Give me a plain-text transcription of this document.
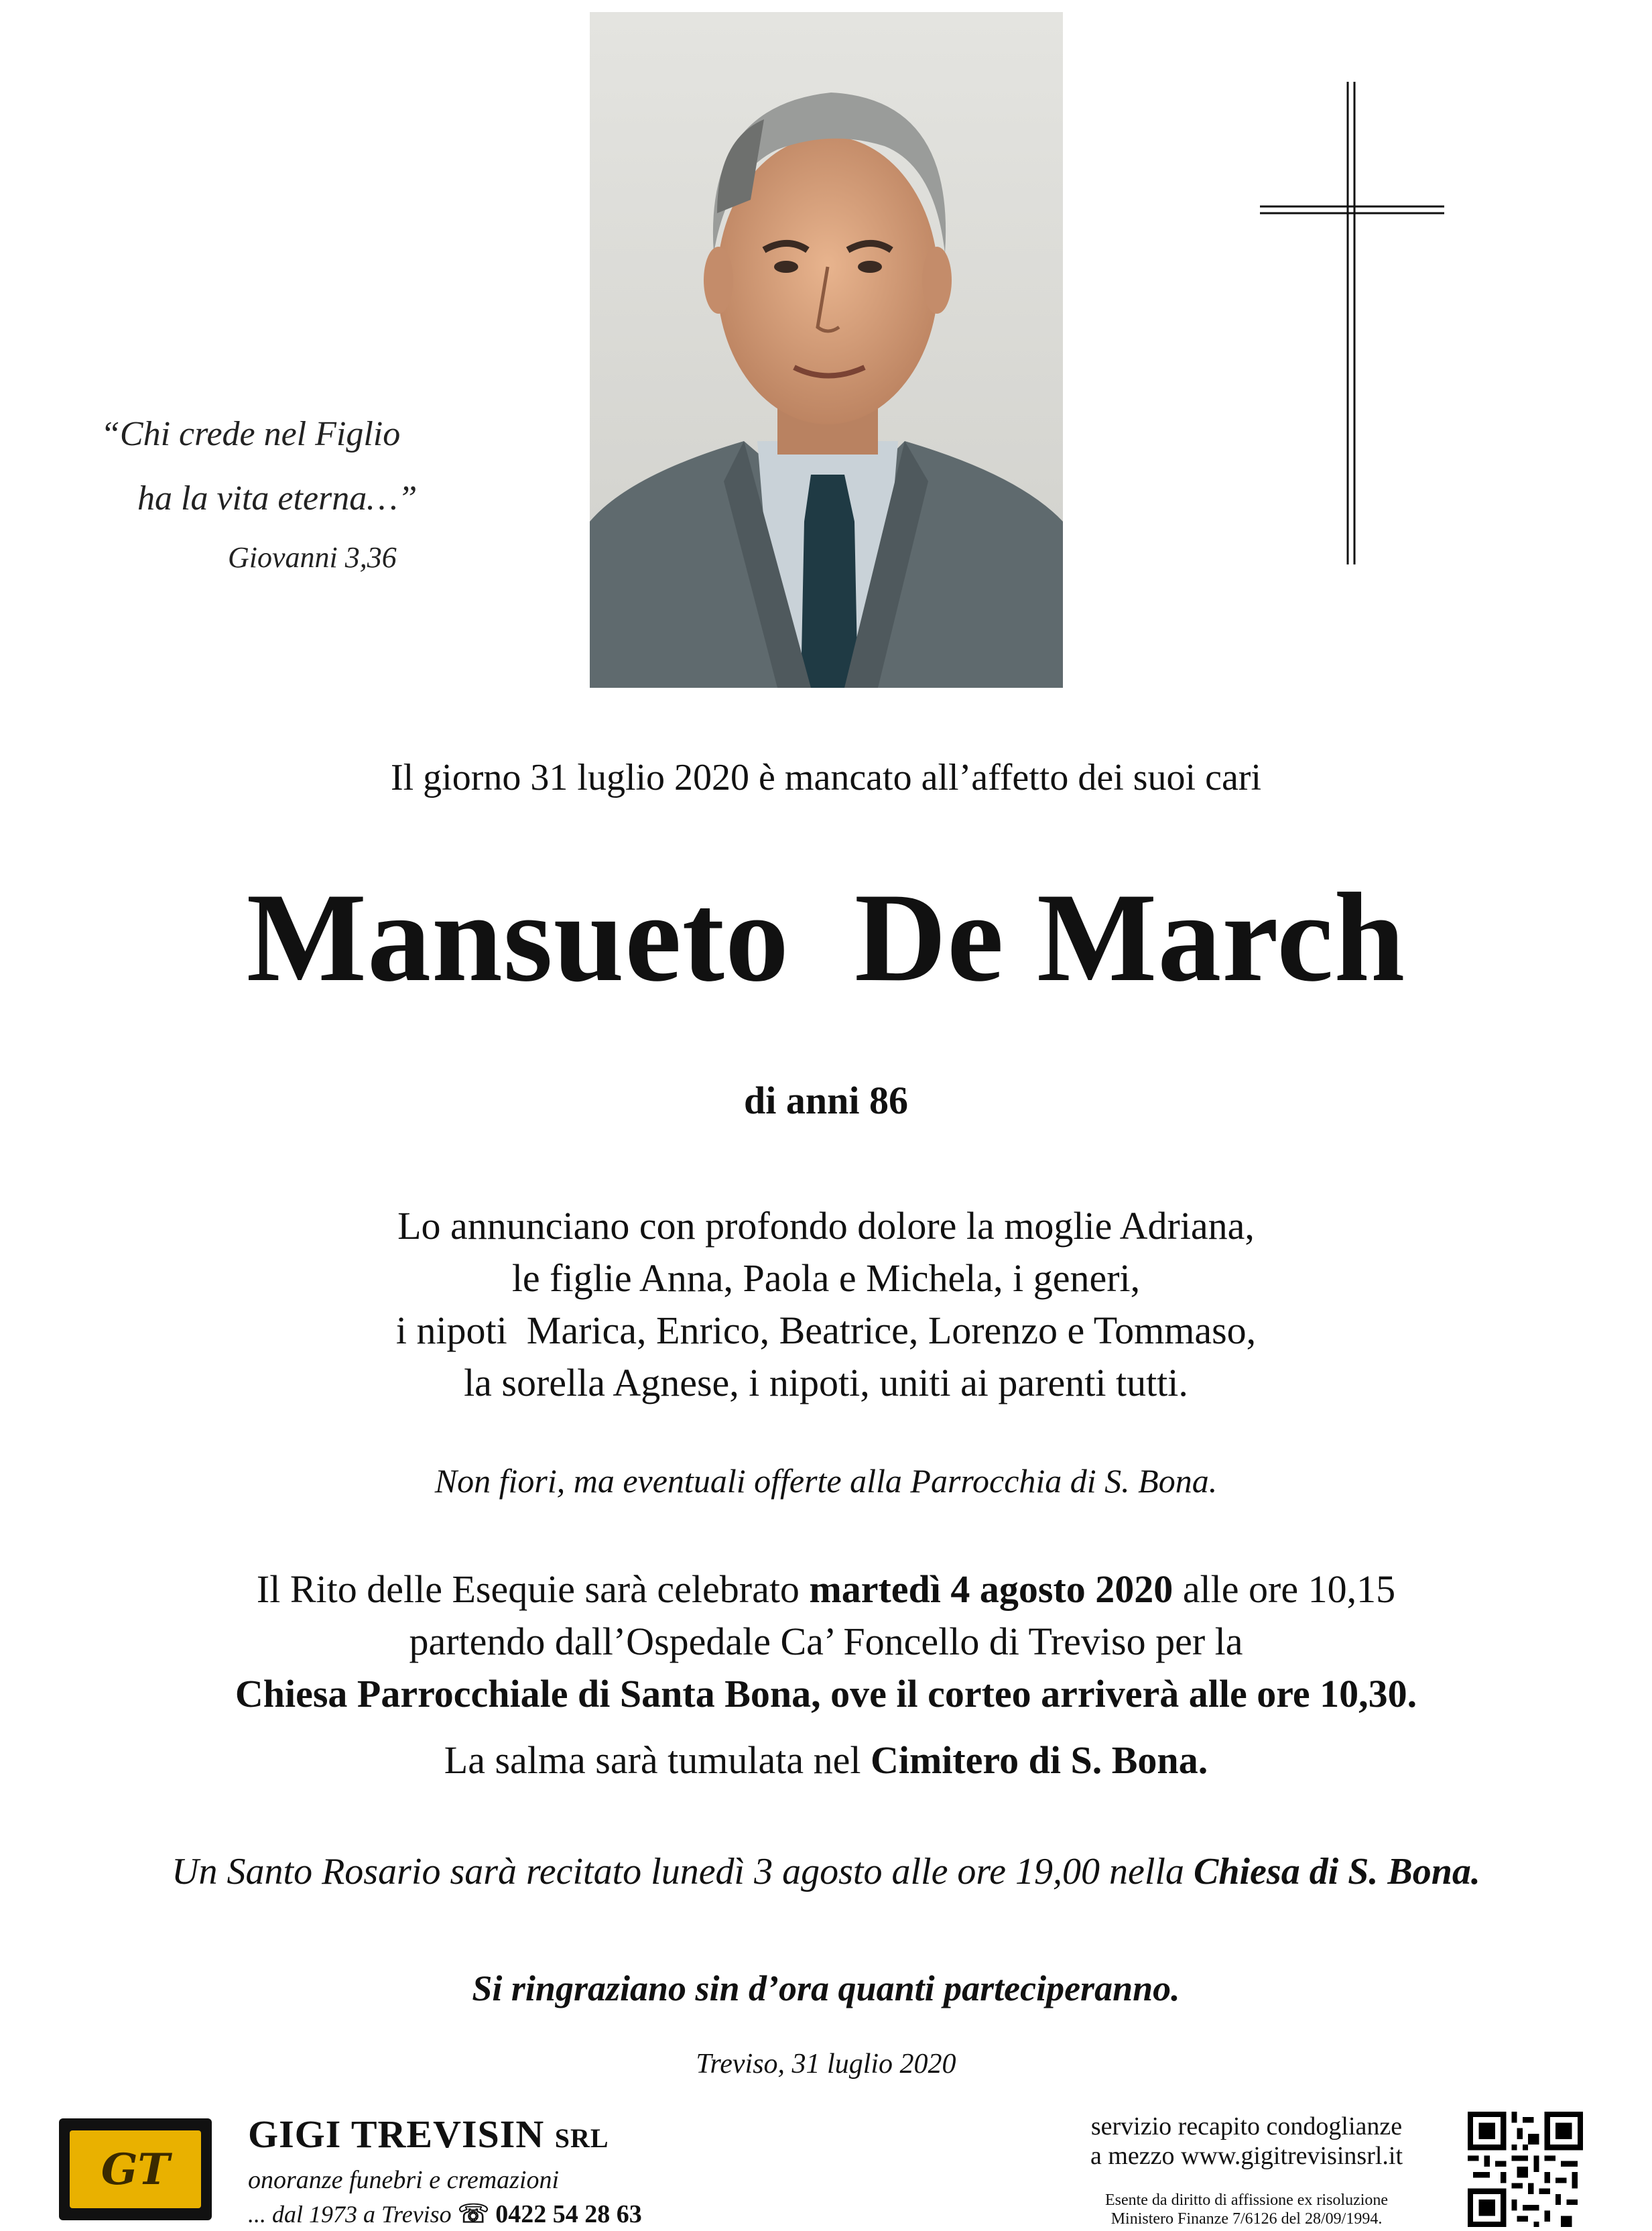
“Chi crede nel Figlio
ha la vita eterna…”
Giovanni 3,36
Il giorno 31 luglio 2020 è mancato all’affetto dei suoi cari
Mansueto  De March
di anni 86
Lo annunciano con profondo dolore la moglie Adriana,
le figlie Anna, Paola e Michela, i generi,
i nipoti  Marica, Enrico, Beatrice, Lorenzo e Tommaso,
la sorella Agnese, i nipoti, uniti ai parenti tutti.
Non fiori, ma eventuali offerte alla Parrocchia di S. Bona.
Il Rito delle Esequie sarà celebrato martedì 4 agosto 2020 alle ore 10,15
partendo dall’Ospedale Ca’ Foncello di Treviso per la
Chiesa Parrocchiale di Santa Bona, ove il corteo arriverà alle ore 10,30.
La salma sarà tumulata nel Cimitero di S. Bona.
Un Santo Rosario sarà recitato lunedì 3 agosto alle ore 19,00 nella Chiesa di S. Bona.
Si ringraziano sin d’ora quanti parteciperanno.
Treviso, 31 luglio 2020
GT
GIGI TREVISIN SRL
onoranze funebri e cremazioni
... dal 1973 a Treviso ☏ 0422 54 28 63
servizio recapito condoglianze
a mezzo www.gigitrevisinsrl.it
Esente da diritto di affissione ex risoluzione
Ministero Finanze 7/6126 del 28/09/1994.
